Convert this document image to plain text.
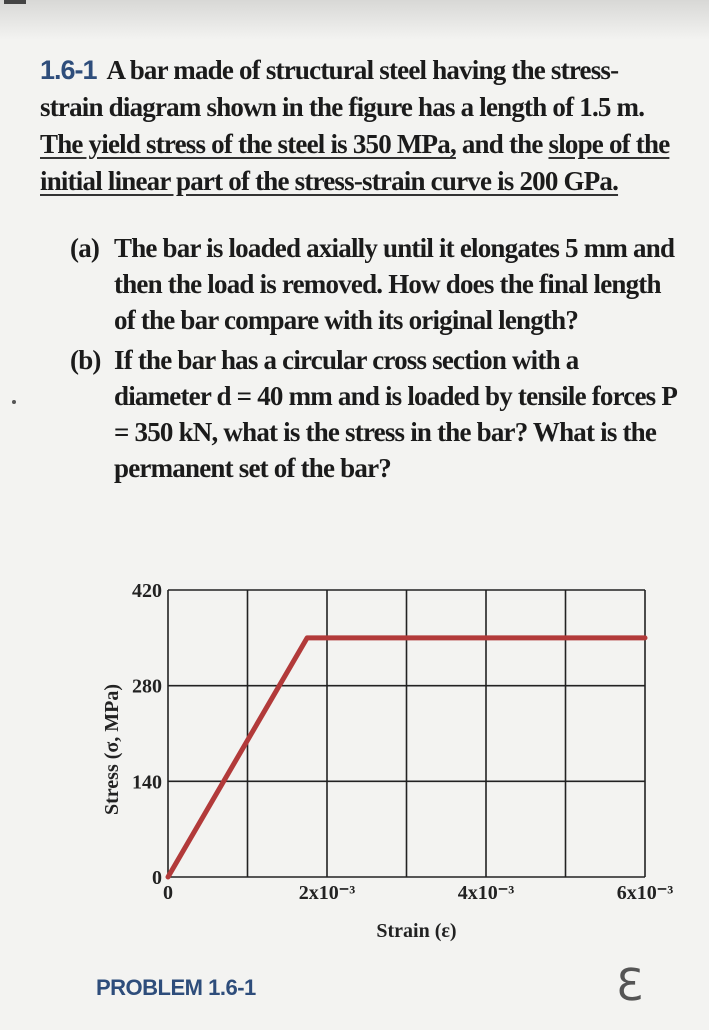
1.6-1 A bar made of structural steel having the stress-strain diagram shown in the figure has a length of 1.5 m. The yield stress of the steel is 350 MPa, and the slope of the initial linear part of the stress-strain curve is 200 GPa.

(a) The bar is loaded axially until it elongates 5 mm and then the load is removed. How does the final length of the bar compare with its original length?
(b) If the bar has a circular cross section with a diameter d = 40 mm and is loaded by tensile forces P = 350 kN, what is the stress in the bar? What is the permanent set of the bar?
0
140
280
420
0	2x10⁻³	4x10⁻³	6x10⁻³
Strain (ε)
Stress (σ, MPa)
PROBLEM 1.6-1	ℇ
